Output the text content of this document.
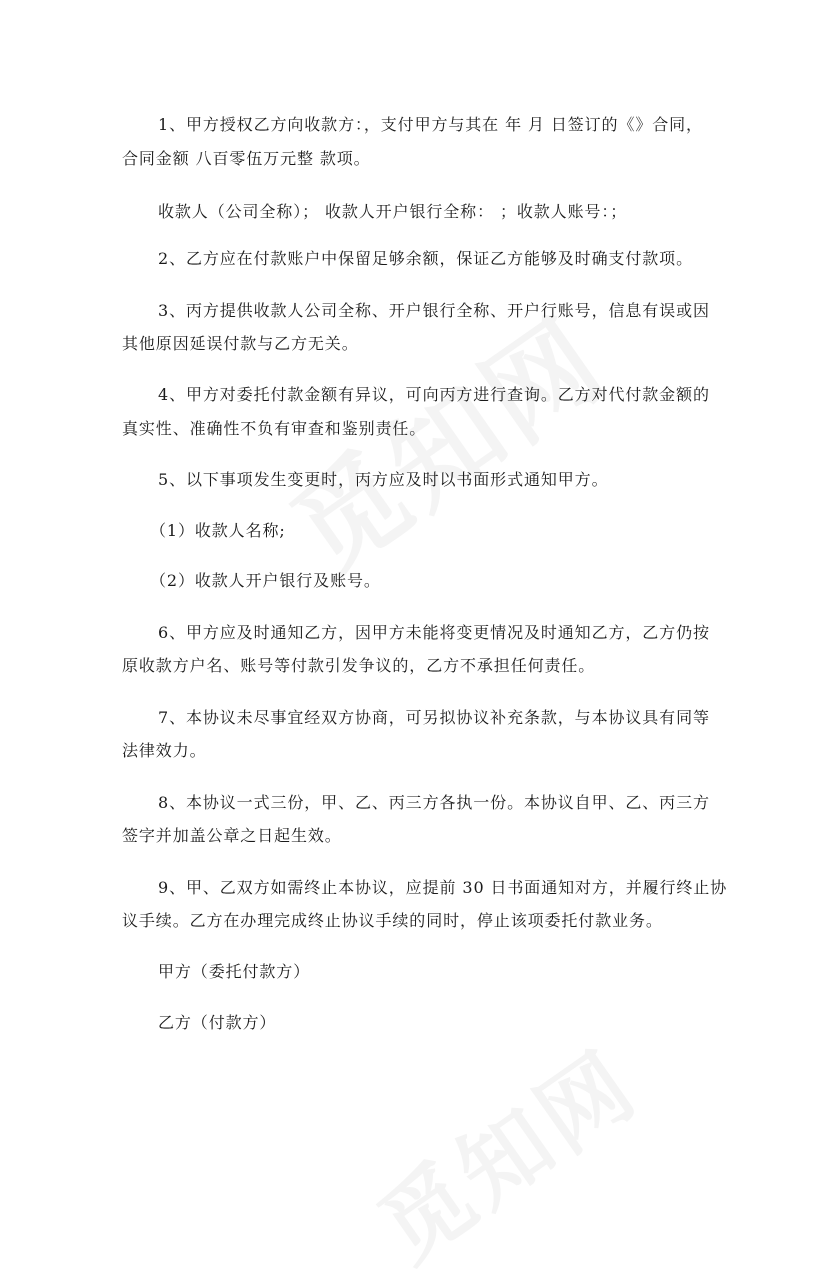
1、甲方授权乙方向收款方：，支付甲方与其在 年 月 日签订的《》合同，

合同金额 八百零伍万元整 款项。

收款人（公司全称）； 收款人开户银行全称： ；收款人账号：；

2、乙方应在付款账户中保留足够余额，保证乙方能够及时确支付款项。

3、丙方提供收款人公司全称、开户银行全称、开户行账号，信息有误或因

其他原因延误付款与乙方无关。

4、甲方对委托付款金额有异议，可向丙方进行查询。乙方对代付款金额的

真实性、准确性不负有审查和鉴别责任。

5、以下事项发生变更时，丙方应及时以书面形式通知甲方。

（1）收款人名称;

（2）收款人开户银行及账号。

6、甲方应及时通知乙方，因甲方未能将变更情况及时通知乙方，乙方仍按

原收款方户名、账号等付款引发争议的，乙方不承担任何责任。

7、本协议未尽事宜经双方协商，可另拟协议补充条款，与本协议具有同等

法律效力。

8、本协议一式三份，甲、乙、丙三方各执一份。本协议自甲、乙、丙三方

签字并加盖公章之日起生效。

9、甲、乙双方如需终止本协议，应提前 30 日书面通知对方，并履行终止协

议手续。乙方在办理完成终止协议手续的同时，停止该项委托付款业务。

甲方（委托付款方）

乙方（付款方）
